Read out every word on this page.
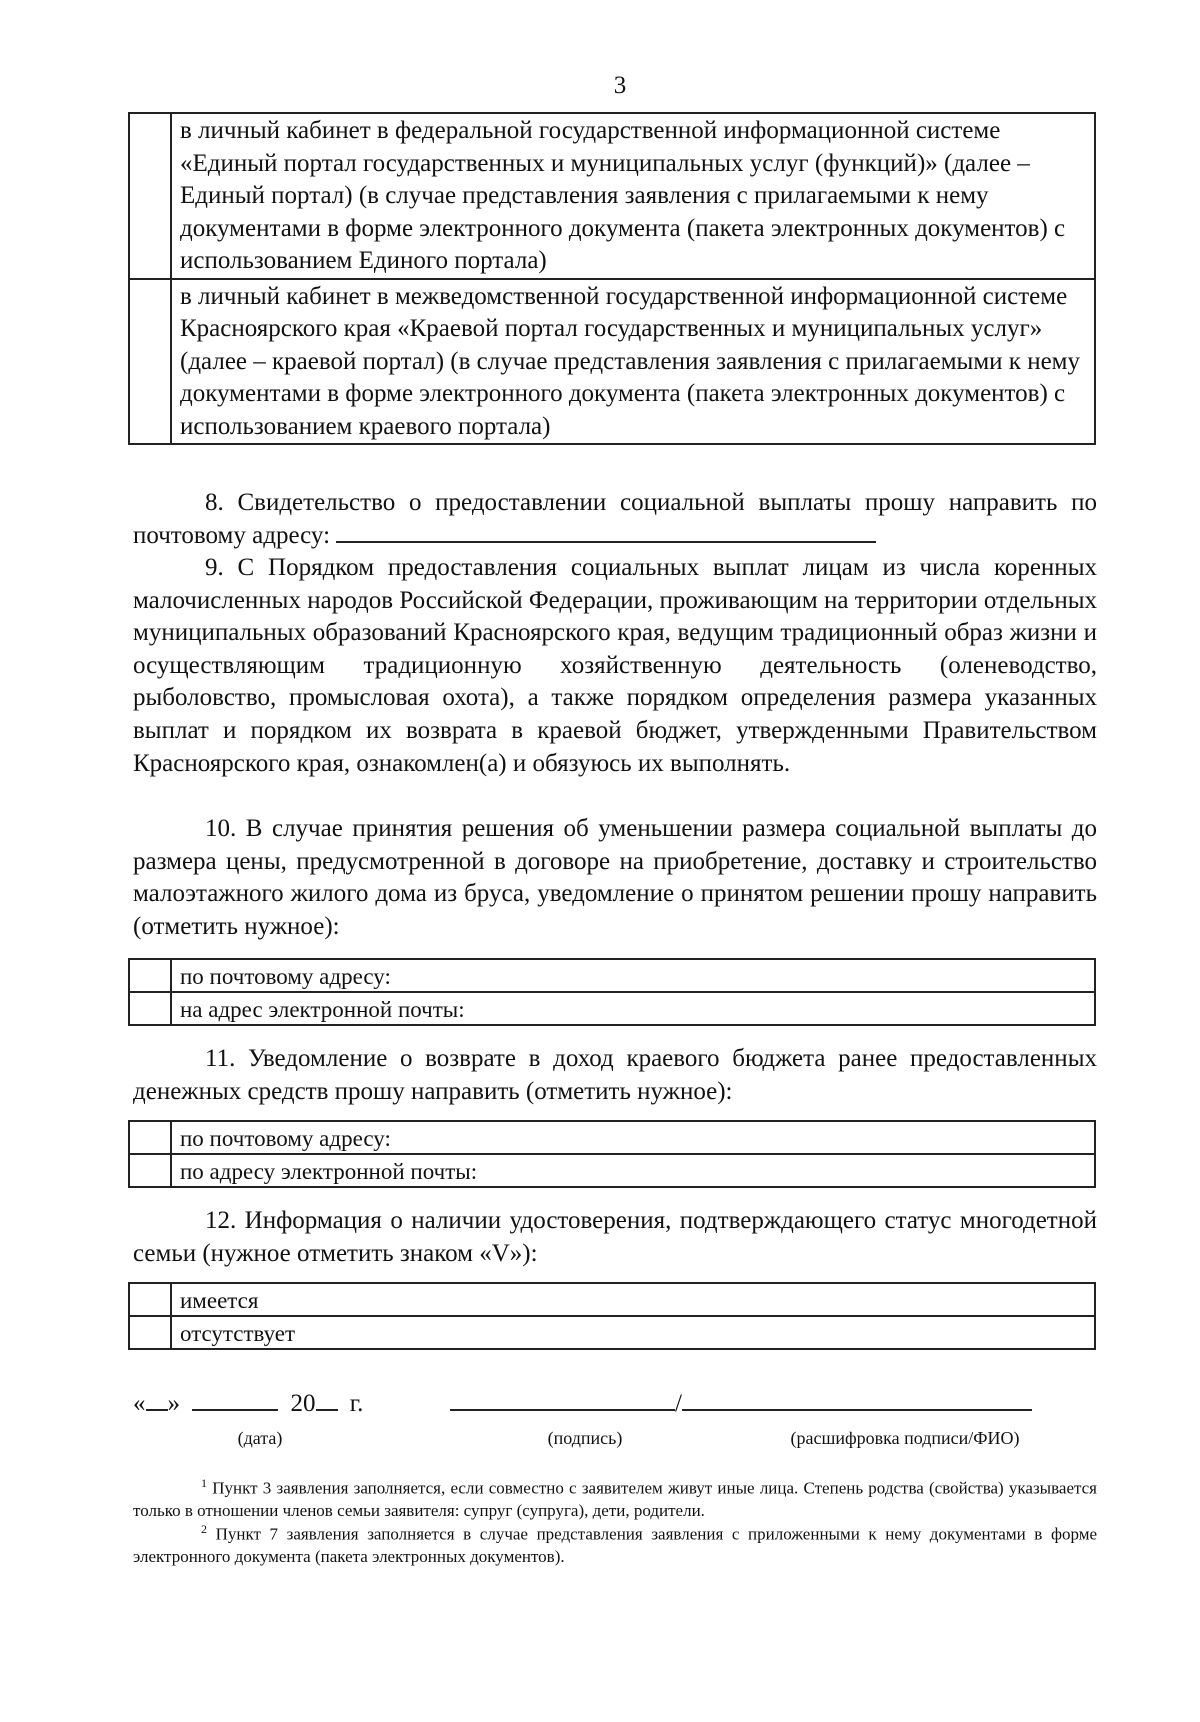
3
	в личный кабинет в федеральной государственной информационной системе «Единый портал государственных и муниципальных услуг (функций)» (далее – Единый портал) (в случае представления заявления с прилагаемыми к нему документами в форме электронного документа (пакета электронных документов) с использованием Единого портала)
	в личный кабинет в межведомственной государственной информационной системе Красноярского края «Краевой портал государственных и муниципальных услуг» (далее – краевой портал) (в случае представления заявления с прилагаемыми к нему документами в форме электронного документа (пакета электронных документов) с использованием краевого портала)

8. Свидетельство о предоставлении социальной выплаты прошу направить по почтовому адресу:

9. С Порядком предоставления социальных выплат лицам из числа коренных малочисленных народов Российской Федерации, проживающим на территории отдельных муниципальных образований Красноярского края, ведущим традиционный образ жизни и осуществляющим традиционную хозяйственную деятельность (оленеводство, рыболовство, промысловая охота), а также порядком определения размера указанных выплат и порядком их возврата в краевой бюджет, утвержденными Правительством Красноярского края, ознакомлен(а) и обязуюсь их выполнять.

10. В случае принятия решения об уменьшении размера социальной выплаты до размера цены, предусмотренной в договоре на приобретение, доставку и строительство малоэтажного жилого дома из бруса, уведомление о принятом решении прошу направить (отметить нужное):

	по почтовому адресу:
	на адрес электронной почты:

11. Уведомление о возврате в доход краевого бюджета ранее предоставленных денежных средств прошу направить (отметить нужное):

	по почтовому адресу:
	по адресу электронной почты:

12. Информация о наличии удостоверения, подтверждающего статус многодетной семьи (нужное отметить знаком «V»):

	имеется
	отсутствует
« »	20 г.	/
(дата)	(подпись)	(расшифровка подписи/ФИО)

$^1$ Пункт 3 заявления заполняется, если совместно с заявителем живут иные лица. Степень родства (свойства) указывается только в отношении членов семьи заявителя: супруг (супруга), дети, родители.

$^2$ Пункт 7 заявления заполняется в случае представления заявления с приложенными к нему документами в форме электронного документа (пакета электронных документов).
